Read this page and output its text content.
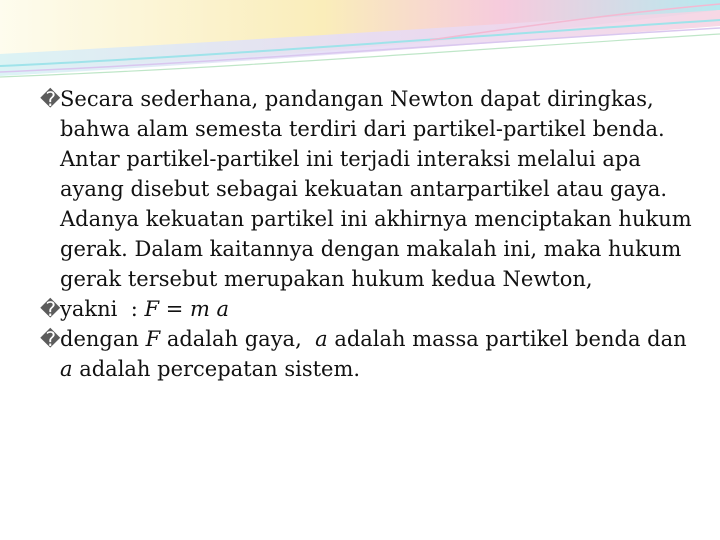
� Secara sederhana, pandangan Newton dapat diringkas, bahwa alam semesta terdiri dari partikel-partikel benda. Antar partikel-partikel ini terjadi interaksi melalui apa ayang disebut sebagai kekuatan antarpartikel atau gaya. Adanya kekuatan partikel ini akhirnya menciptakan hukum gerak. Dalam kaitannya dengan makalah ini, maka hukum gerak tersebut merupakan hukum kedua Newton,

� yakni  : F = m a

� dengan F adalah gaya,  a adalah massa partikel benda dan  a adalah percepatan sistem.
